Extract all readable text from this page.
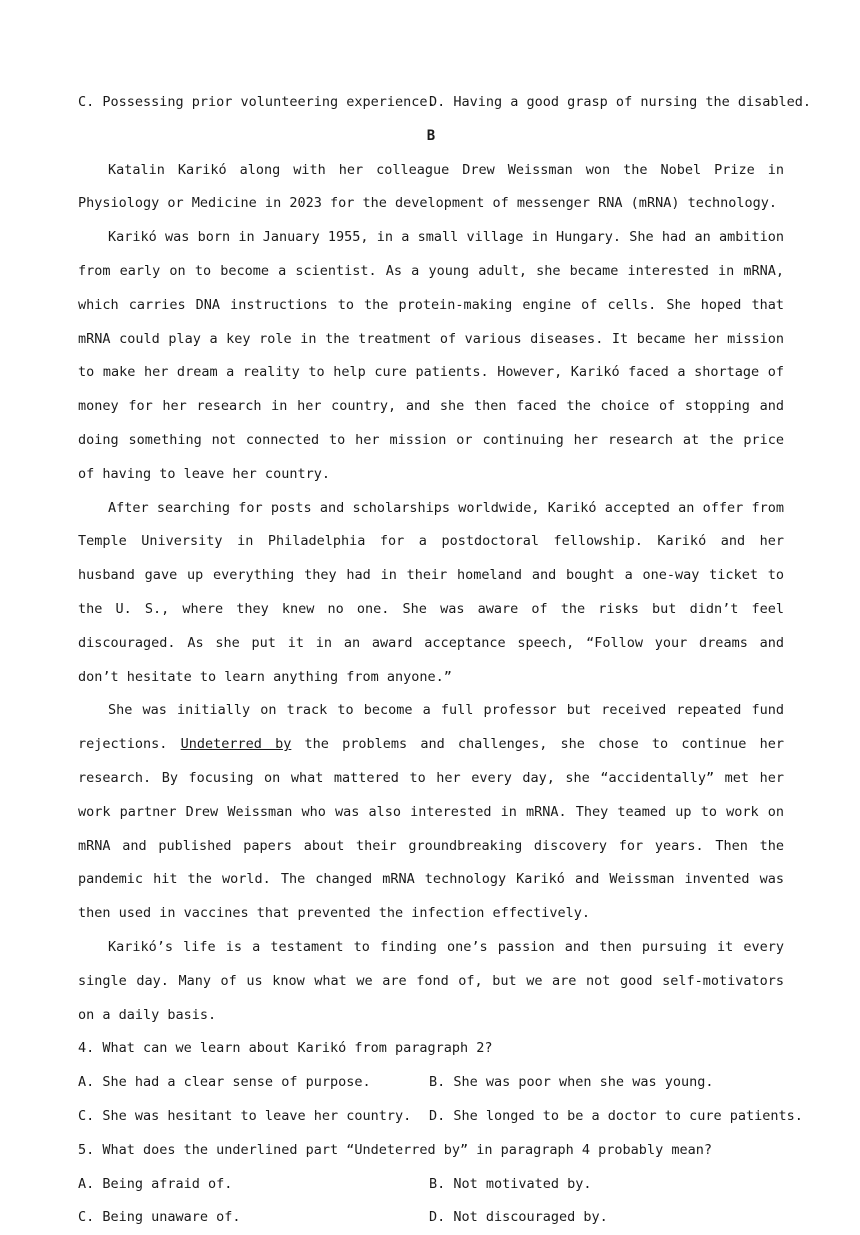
C. Possessing prior volunteering experience.
D. Having a good grasp of nursing the disabled.
B

Katalin Karikó along with her colleague Drew Weissman won the Nobel Prize in Physiology or Medicine in 2023 for the development of messenger RNA (mRNA) technology.

Karikó was born in January 1955, in a small village in Hungary. She had an ambition from early on to become a scientist. As a young adult, she became interested in mRNA, which carries DNA instructions to the protein-making engine of cells. She hoped that mRNA could play a key role in the treatment of various diseases. It became her mission to make her dream a reality to help cure patients. However, Karikó faced a shortage of money for her research in her country, and she then faced the choice of stopping and doing something not connected to her mission or continuing her research at the price of having to leave her country.

After searching for posts and scholarships worldwide, Karikó accepted an offer from Temple University in Philadelphia for a postdoctoral fellowship. Karikó and her husband gave up everything they had in their homeland and bought a one-way ticket to the U. S., where they knew no one. She was aware of the risks but didn’t feel discouraged. As she put it in an award acceptance speech, “Follow your dreams and don’t hesitate to learn anything from anyone.”

She was initially on track to become a full professor but received repeated fund rejections. Undeterred by the problems and challenges, she chose to continue her research. By focusing on what mattered to her every day, she “accidentally” met her work partner Drew Weissman who was also interested in mRNA. They teamed up to work on mRNA and published papers about their groundbreaking discovery for years. Then the pandemic hit the world. The changed mRNA technology Karikó and Weissman invented was then used in vaccines that prevented the infection effectively.

Karikó’s life is a testament to finding one’s passion and then pursuing it every single day. Many of us know what we are fond of, but we are not good self-motivators on a daily basis.

4. What can we learn about Karikó from paragraph 2?
A. She had a clear sense of purpose.	B. She was poor when she was young.
C. She was hesitant to leave her country.	D. She longed to be a doctor to cure patients.
5. What does the underlined part “Undeterred by” in paragraph 4 probably mean?
A. Being afraid of.	B. Not motivated by.
C. Being unaware of.	D. Not discouraged by.
